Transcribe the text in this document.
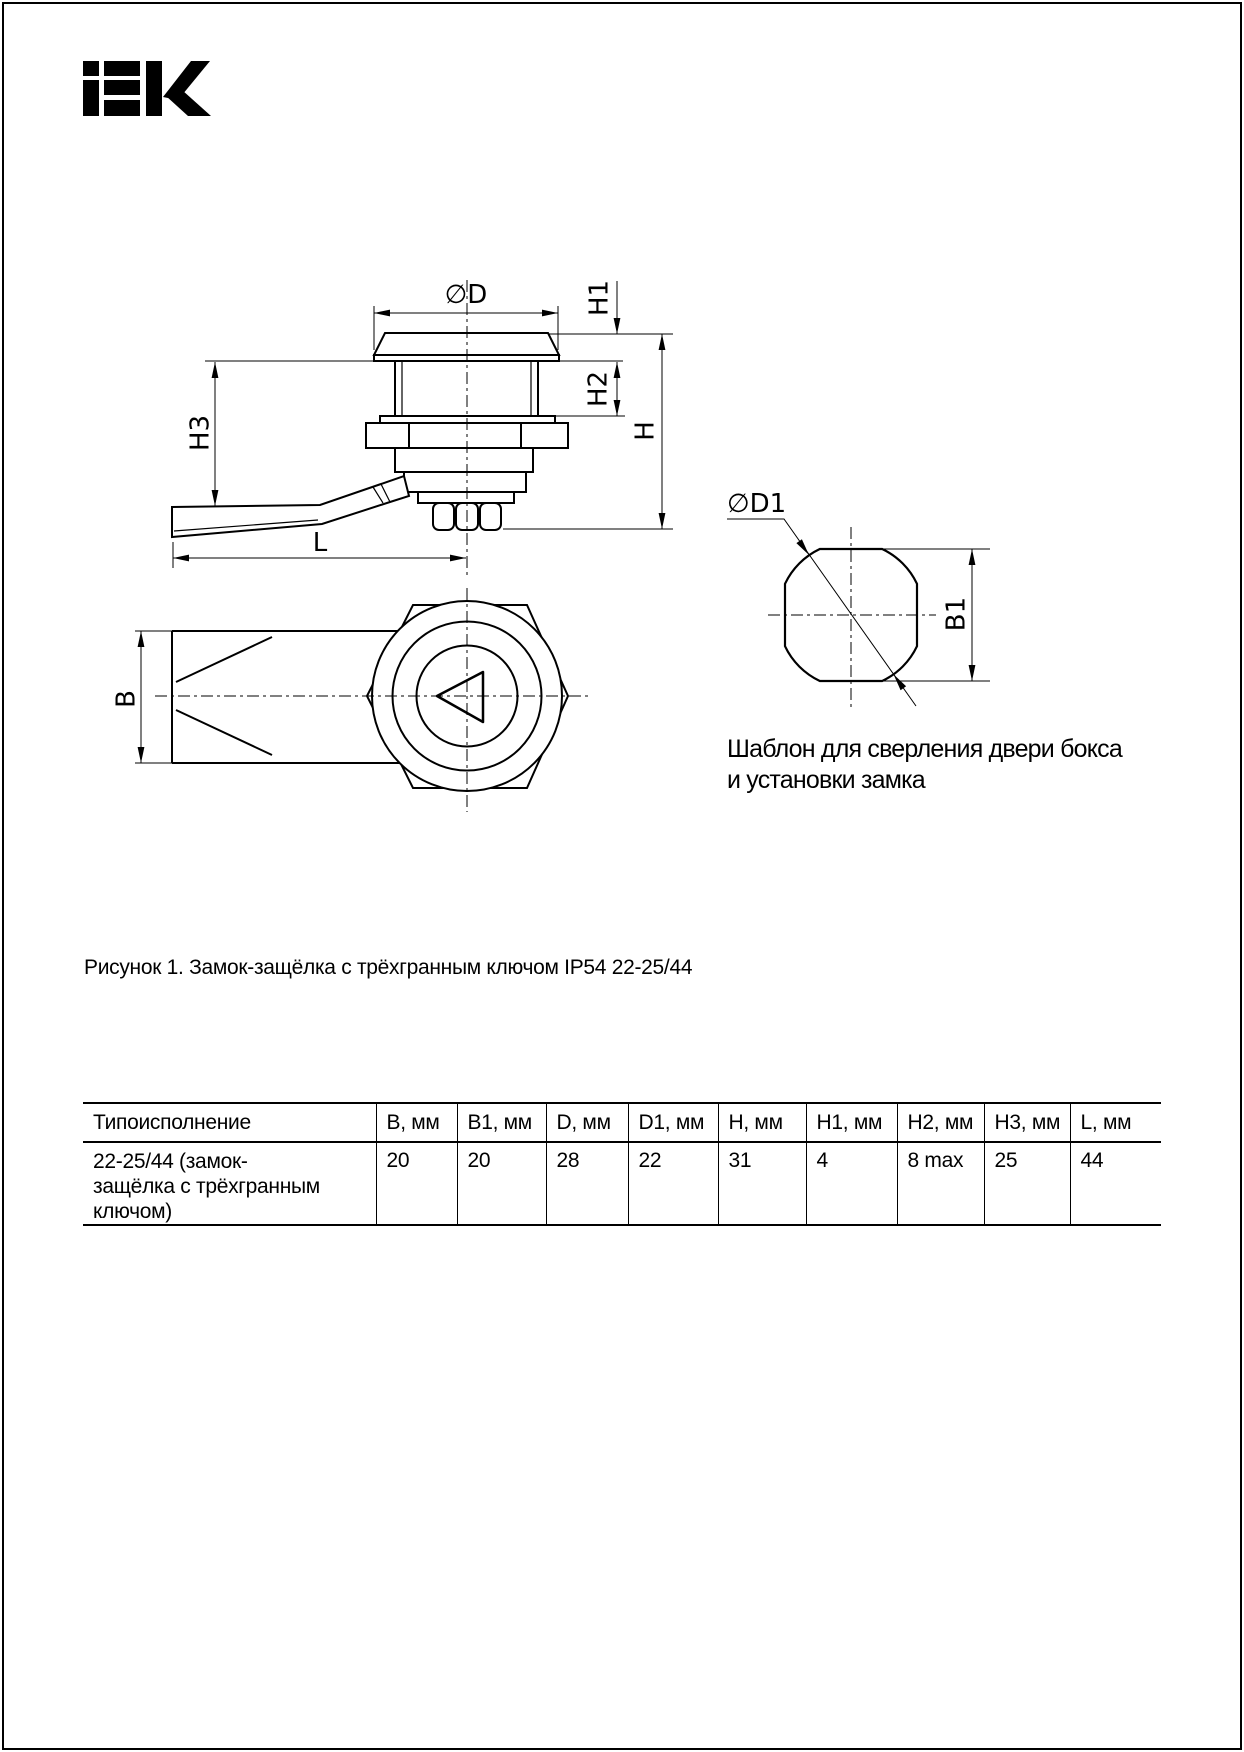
∅D	H1
H2
H
H3
L
B
∅D1
B1
Шаблон для сверления двери бокса
и установки замка
Рисунок 1. Замок-защёлка с трёхгранным ключом IP54 22-25/44
Типоисполнение	B, мм	B1, мм	D, мм	D1, мм	H, мм	H1, мм	H2, мм	H3, мм	L, мм

22-25/44 (замок-защёлка с трёхгранным ключом)	20	20	28	22	31	4	8 max	25	44
